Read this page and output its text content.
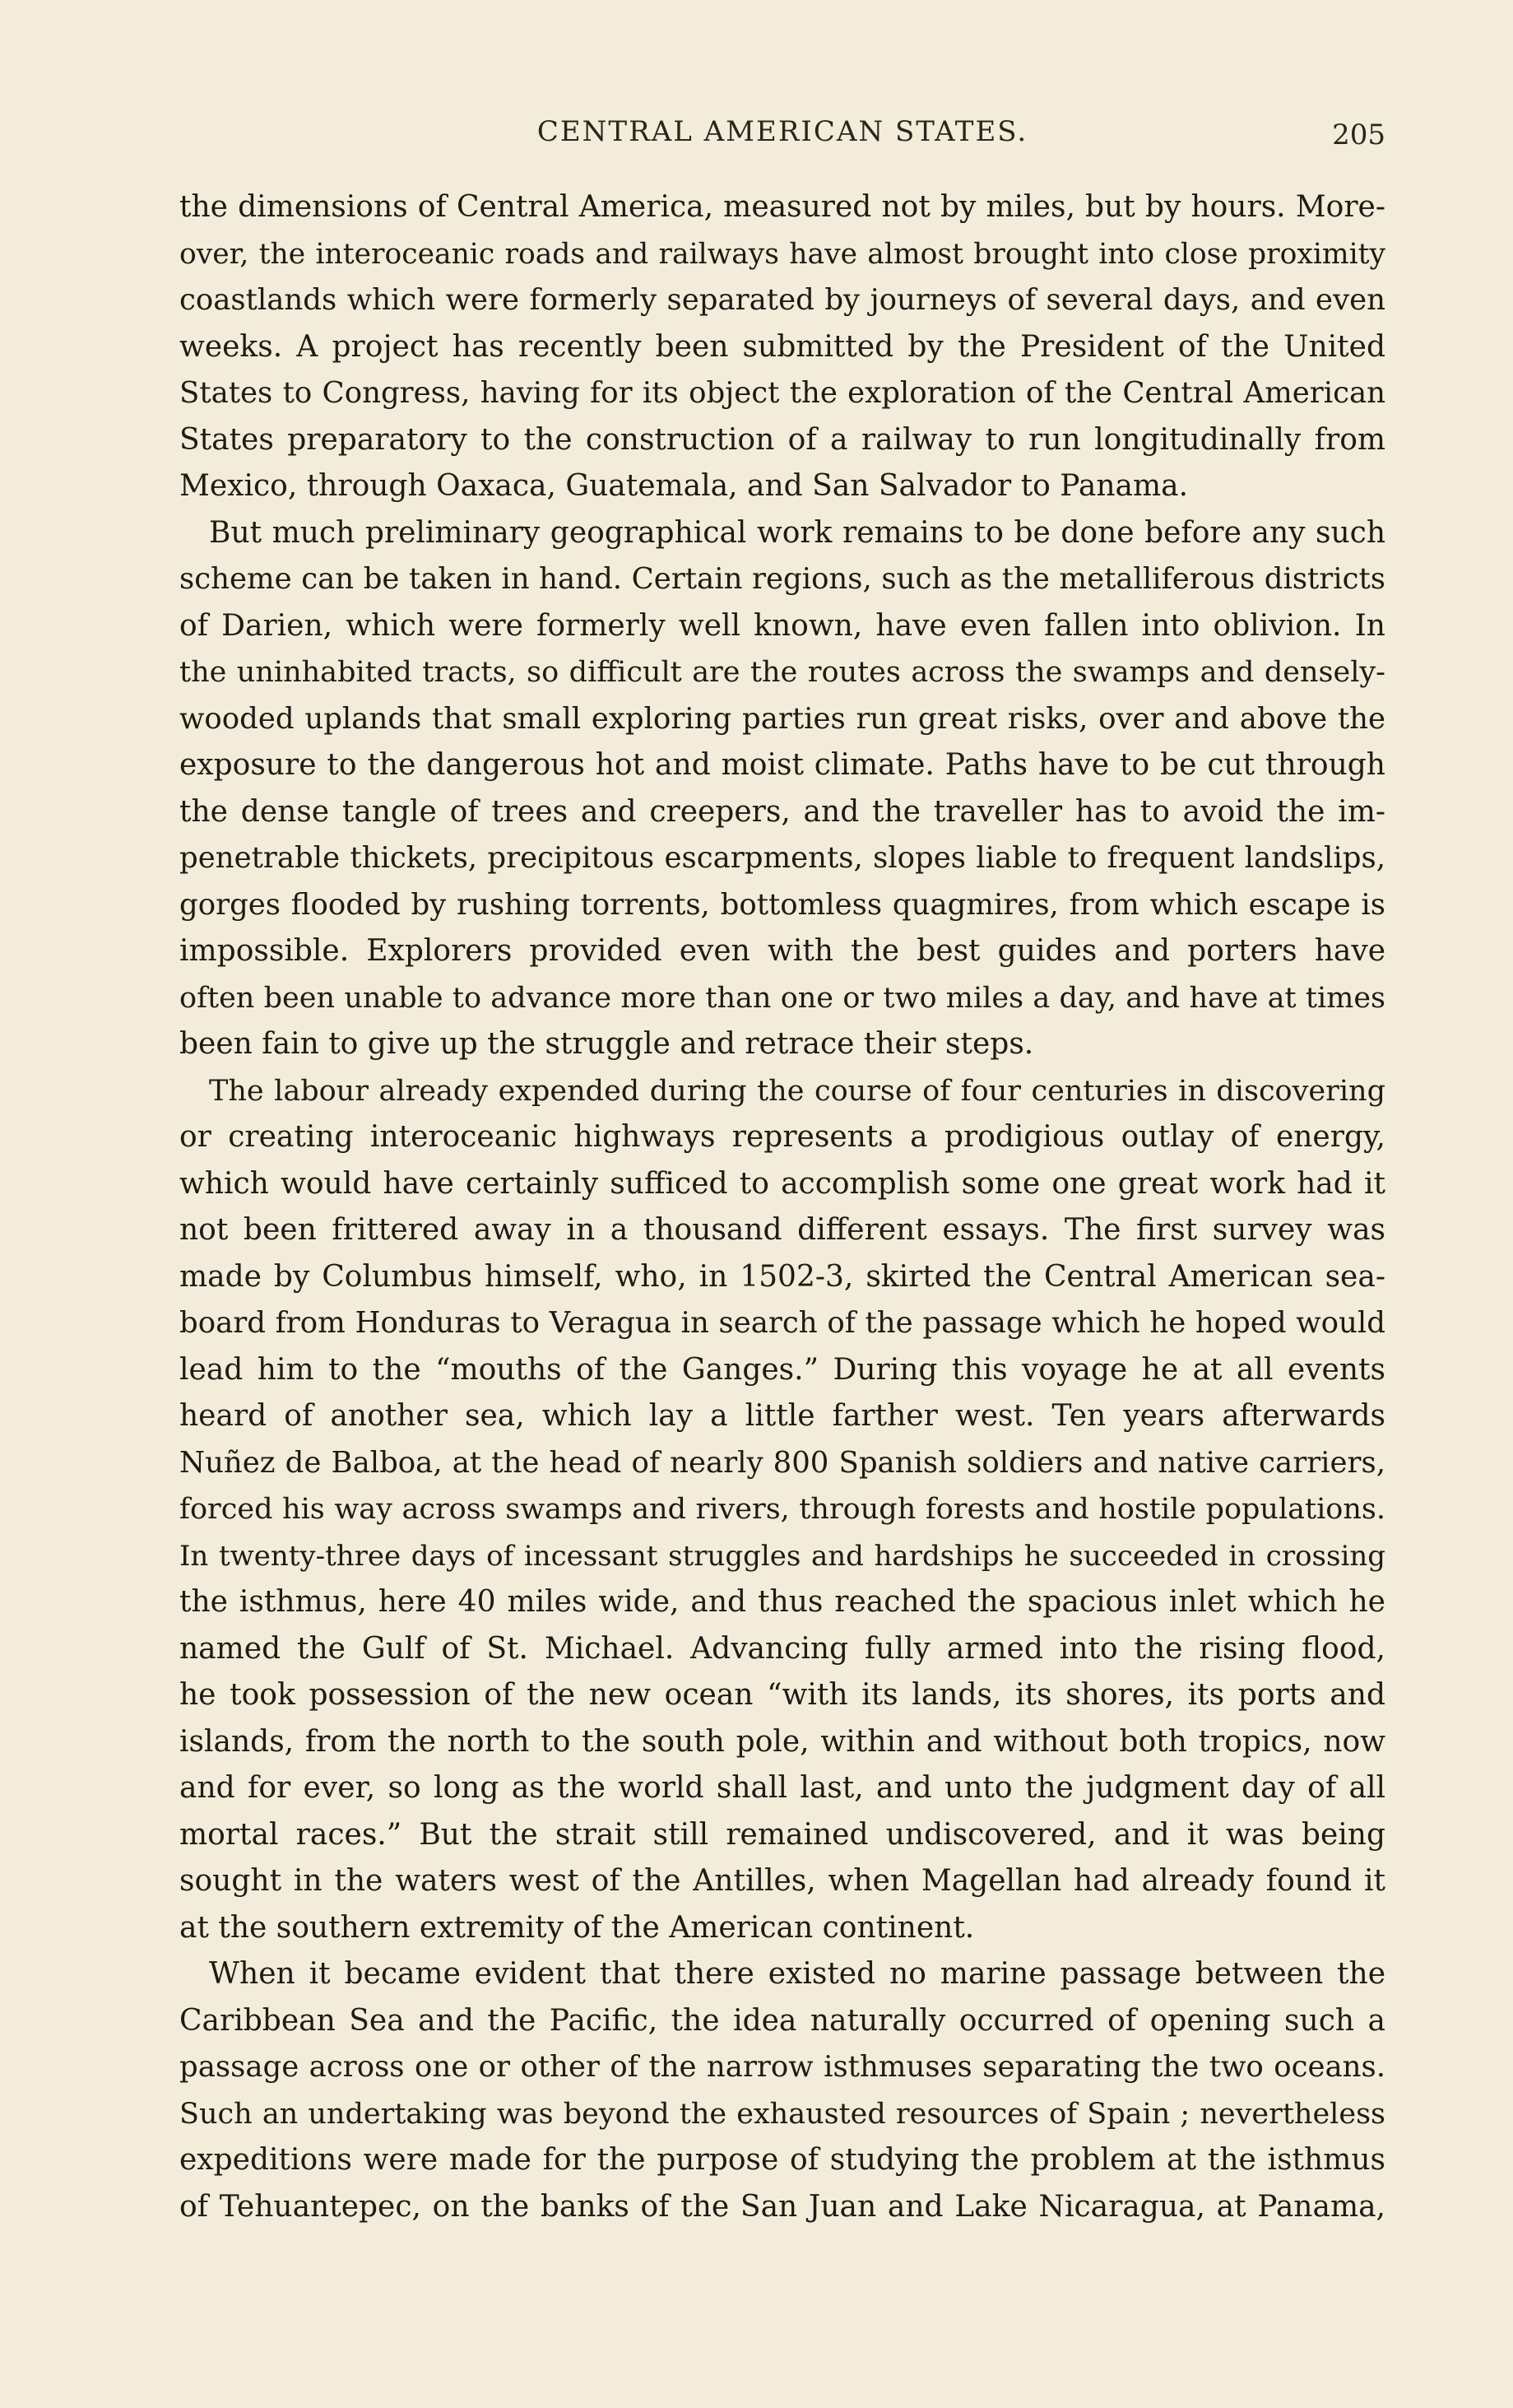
CENTRAL AMERICAN STATES.	205
the dimensions of Central America, measured not by miles, but by hours. More-
over, the interoceanic roads and railways have almost brought into close proximity
coastlands which were formerly separated by journeys of several days, and even
weeks. A project has recently been submitted by the President of the United
States to Congress, having for its object the exploration of the Central American
States preparatory to the construction of a railway to run longitudinally from
Mexico, through Oaxaca, Guatemala, and San Salvador to Panama.
But much preliminary geographical work remains to be done before any such
scheme can be taken in hand. Certain regions, such as the metalliferous districts
of Darien, which were formerly well known, have even fallen into oblivion. In
the uninhabited tracts, so difficult are the routes across the swamps and densely-
wooded uplands that small exploring parties run great risks, over and above the
exposure to the dangerous hot and moist climate. Paths have to be cut through
the dense tangle of trees and creepers, and the traveller has to avoid the im-
penetrable thickets, precipitous escarpments, slopes liable to frequent landslips,
gorges flooded by rushing torrents, bottomless quagmires, from which escape is
impossible. Explorers provided even with the best guides and porters have
often been unable to advance more than one or two miles a day, and have at times
been fain to give up the struggle and retrace their steps.
The labour already expended during the course of four centuries in discovering
or creating interoceanic highways represents a prodigious outlay of energy,
which would have certainly sufficed to accomplish some one great work had it
not been frittered away in a thousand different essays. The first survey was
made by Columbus himself, who, in 1502-3, skirted the Central American sea-
board from Honduras to Veragua in search of the passage which he hoped would
lead him to the “mouths of the Ganges.” During this voyage he at all events
heard of another sea, which lay a little farther west. Ten years afterwards
Nuñez de Balboa, at the head of nearly 800 Spanish soldiers and native carriers,
forced his way across swamps and rivers, through forests and hostile populations.
In twenty-three days of incessant struggles and hardships he succeeded in crossing
the isthmus, here 40 miles wide, and thus reached the spacious inlet which he
named the Gulf of St. Michael. Advancing fully armed into the rising flood,
he took possession of the new ocean “with its lands, its shores, its ports and
islands, from the north to the south pole, within and without both tropics, now
and for ever, so long as the world shall last, and unto the judgment day of all
mortal races.” But the strait still remained undiscovered, and it was being
sought in the waters west of the Antilles, when Magellan had already found it
at the southern extremity of the American continent.
When it became evident that there existed no marine passage between the
Caribbean Sea and the Pacific, the idea naturally occurred of opening such a
passage across one or other of the narrow isthmuses separating the two oceans.
Such an undertaking was beyond the exhausted resources of Spain ; nevertheless
expeditions were made for the purpose of studying the problem at the isthmus
of Tehuantepec, on the banks of the San Juan and Lake Nicaragua, at Panama,
